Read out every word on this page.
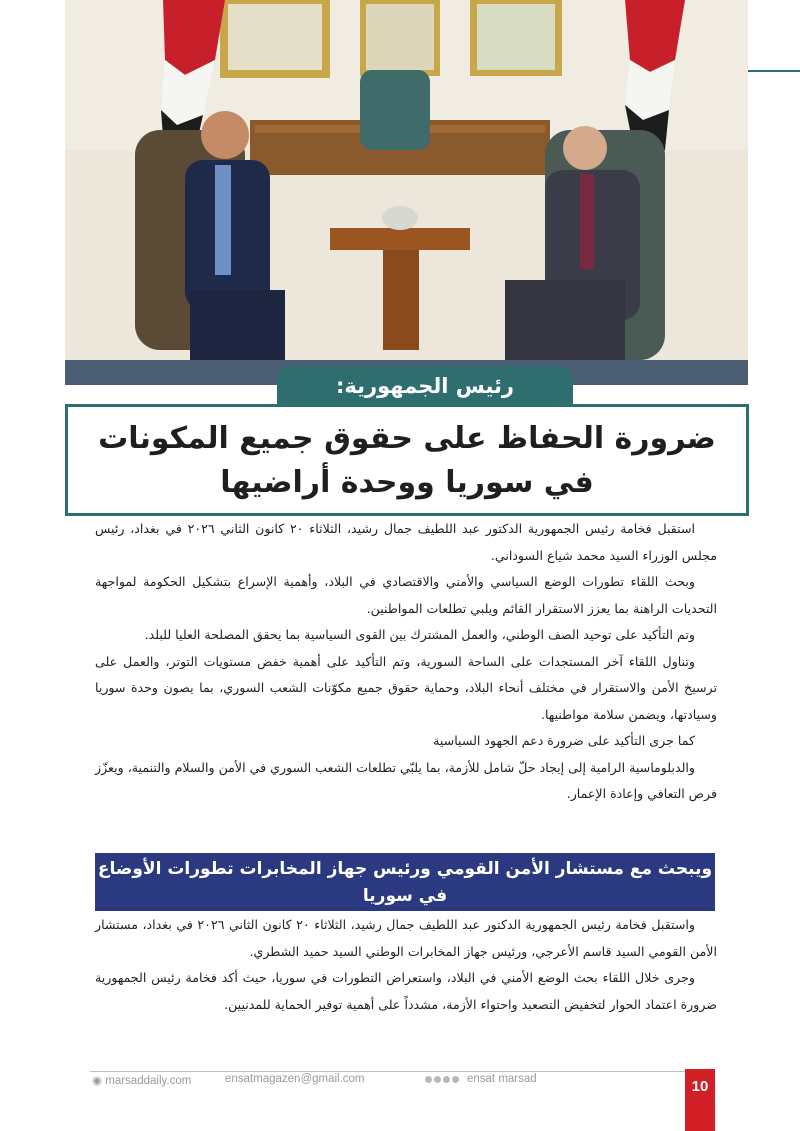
رئيس الجمهورية:
ضرورة الحفاظ على حقوق جميع المكونات
في سوريا ووحدة أراضيها

استقبل فخامة رئيس الجمهورية الدكتور عبد اللطيف جمال رشيد، الثلاثاء ٢٠ كانون الثاني ٢٠٢٦ في بغداد، رئيس مجلس الوزراء السيد محمد شياع السوداني.

وبحث اللقاء تطورات الوضع السياسي والأمني والاقتصادي في البلاد، وأهمية الإسراع بتشكيل الحكومة لمواجهة التحديات الراهنة بما يعزز الاستقرار القائم ويلبي تطلعات المواطنين.

وتم التأكيد على توحيد الصف الوطني، والعمل المشترك بين القوى السياسية بما يحقق المصلحة العليا للبلد.

وتناول اللقاء آخر المستجدات على الساحة السورية، وتم التأكيد على أهمية خفض مستويات التوتر، والعمل على ترسيخ الأمن والاستقرار في مختلف أنحاء البلاد، وحماية حقوق جميع مكوّنات الشعب السوري، بما يصون وحدة سوريا وسيادتها، ويضمن سلامة مواطنيها.

كما جرى التأكيد على ضرورة دعم الجهود السياسية

والدبلوماسية الرامية إلى إيجاد حلّ شامل للأزمة، بما يلبّي تطلعات الشعب السوري في الأمن والسلام والتنمية، ويعزّز فرص التعافي وإعادة الإعمار.

ويبحث مع مستشار الأمن القومي ورئيس جهاز المخابرات تطورات الأوضاع
في سوريا

واستقبل فخامة رئيس الجمهورية الدكتور عبد اللطيف جمال رشيد، الثلاثاء ٢٠ كانون الثاني ٢٠٢٦ في بغداد، مستشار الأمن القومي السيد قاسم الأعرجي، ورئيس جهاز المخابرات الوطني السيد حميد الشطري.

وجرى خلال اللقاء بحث الوضع الأمني في البلاد، واستعراض التطورات في سوريا، حيث أكد فخامة رئيس الجمهورية ضرورة اعتماد الحوار لتخفيض التصعيد واحتواء الأزمة، مشدداً على أهمية توفير الحماية للمدنيين.

◉ marsaddaily.com	ensatmagazen@gmail.com	ensat marsad	10
